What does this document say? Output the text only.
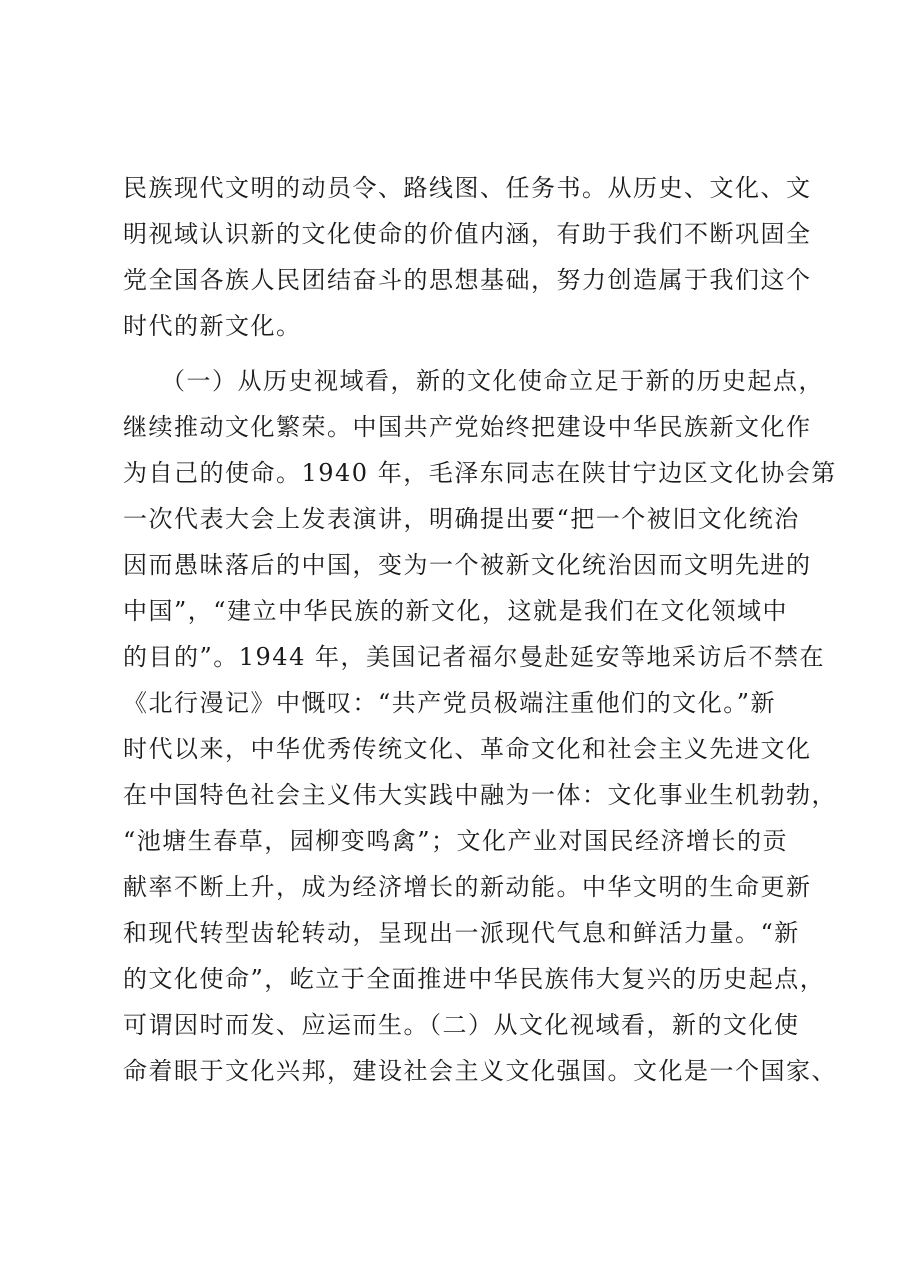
民族现代文明的动员令、路线图、任务书。从历史、文化、文
明视域认识新的文化使命的价值内涵，有助于我们不断巩固全
党全国各族人民团结奋斗的思想基础，努力创造属于我们这个
时代的新文化。
（一）从历史视域看，新的文化使命立足于新的历史起点，
继续推动文化繁荣。中国共产党始终把建设中华民族新文化作
为自己的使命。1940 年，毛泽东同志在陕甘宁边区文化协会第
一次代表大会上发表演讲，明确提出要“把一个被旧文化统治
因而愚昧落后的中国，变为一个被新文化统治因而文明先进的
中国”，“建立中华民族的新文化，这就是我们在文化领域中
的目的”。1944 年，美国记者福尔曼赴延安等地采访后不禁在
《北行漫记》中慨叹：“共产党员极端注重他们的文化。”新
时代以来，中华优秀传统文化、革命文化和社会主义先进文化
在中国特色社会主义伟大实践中融为一体：文化事业生机勃勃，
“池塘生春草，园柳变鸣禽”；文化产业对国民经济增长的贡
献率不断上升，成为经济增长的新动能。中华文明的生命更新
和现代转型齿轮转动，呈现出一派现代气息和鲜活力量。“新
的文化使命”，屹立于全面推进中华民族伟大复兴的历史起点，
可谓因时而发、应运而生。（二）从文化视域看，新的文化使
命着眼于文化兴邦，建设社会主义文化强国。文化是一个国家、
